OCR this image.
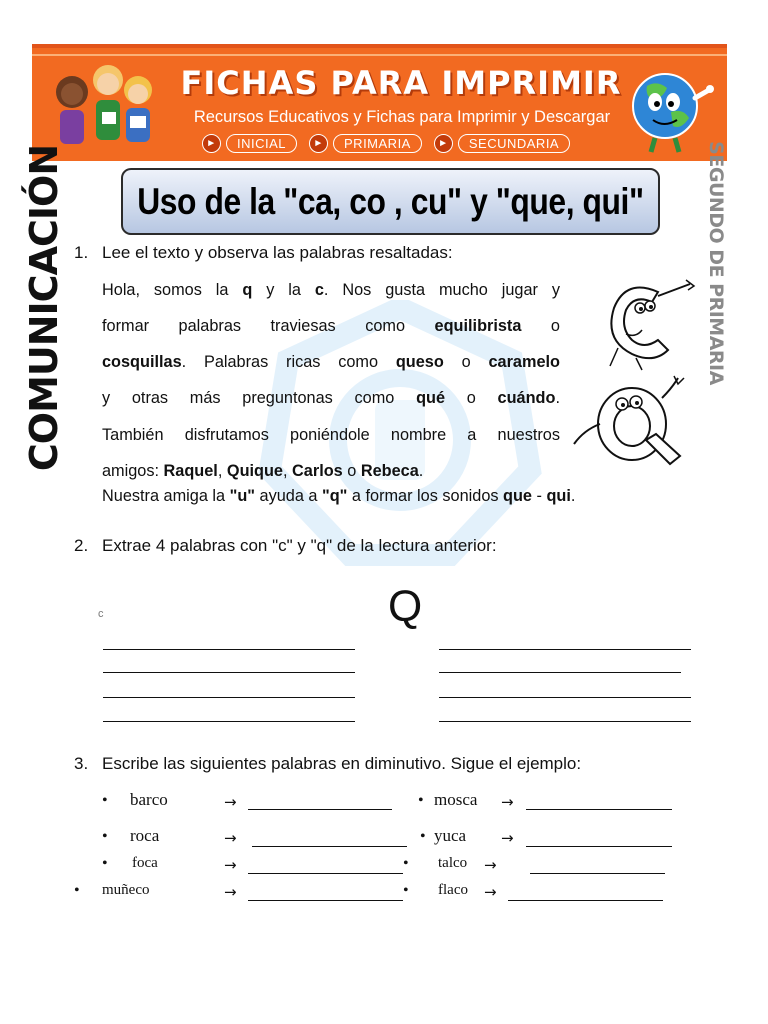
FICHAS PARA IMPRIMIR
Recursos Educativos y Fichas para Imprimir y Descargar
►	INICIAL	►	PRIMARIA	►	SECUNDARIA
COMUNICACIÓN	SEGUNDO DE PRIMARIA
Uso de la "ca, co , cu" y "que, qui"
1. Lee el texto y observa las palabras resaltadas:
Hola, somos la q y la c. Nos gusta mucho jugar y
formar palabras traviesas como equilibrista o
cosquillas. Palabras ricas como queso o caramelo
y otras más preguntonas como qué o cuándo.
También disfrutamos poniéndole nombre a nuestros
amigos: Raquel, Quique, Carlos o Rebeca.
Nuestra amiga la "u" ayuda a "q" a formar los sonidos que - qui.
2. Extrae 4 palabras con "c" y "q" de la lectura anterior:
c	Q
3. Escribe las siguientes palabras en diminutivo. Sigue el ejemplo:
• barco	→	• mosca →
• roca	→	• yuca →
• foca	→	• talco →
• muñeco	→	• flaco →
